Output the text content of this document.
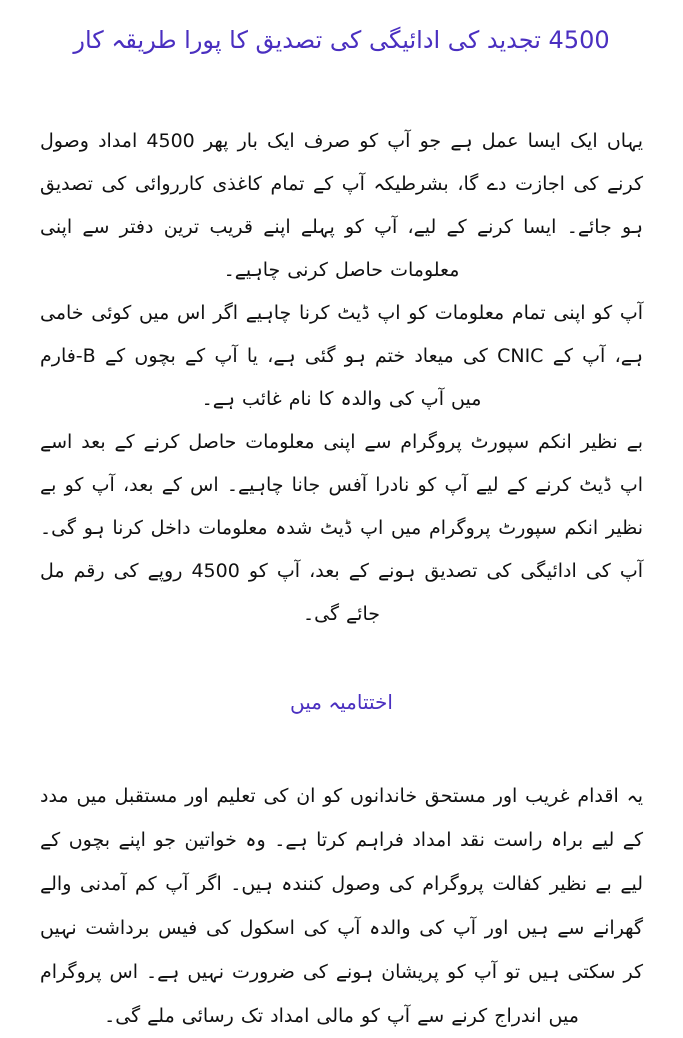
4500 تجدید کی ادائیگی کی تصدیق کا پورا طریقہ کار

یہاں ایک ایسا عمل ہے جو آپ کو صرف ایک بار پھر 4500 امداد وصول کرنے کی اجازت دے گا، بشرطیکہ آپ کے تمام کاغذی کارروائی کی تصدیق ہو جائے۔ ایسا کرنے کے لیے، آپ کو پہلے اپنے قریب ترین دفتر سے اپنی معلومات حاصل کرنی چاہیے۔

آپ کو اپنی تمام معلومات کو اپ ڈیٹ کرنا چاہیے اگر اس میں کوئی خامی ہے، آپ کے CNIC کی میعاد ختم ہو گئی ہے، یا آپ کے بچوں کے B-فارم میں آپ کی والدہ کا نام غائب ہے۔

بے نظیر انکم سپورٹ پروگرام سے اپنی معلومات حاصل کرنے کے بعد اسے اپ ڈیٹ کرنے کے لیے آپ کو نادرا آفس جانا چاہیے۔ اس کے بعد، آپ کو بے نظیر انکم سپورٹ پروگرام میں اپ ڈیٹ شدہ معلومات داخل کرنا ہو گی۔ آپ کی ادائیگی کی تصدیق ہونے کے بعد، آپ کو 4500 روپے کی رقم مل جائے گی۔

اختتامیہ میں

یہ اقدام غریب اور مستحق خاندانوں کو ان کی تعلیم اور مستقبل میں مدد کے لیے براہ راست نقد امداد فراہم کرتا ہے۔ وہ خواتین جو اپنے بچوں کے لیے بے نظیر کفالت پروگرام کی وصول کنندہ ہیں۔ اگر آپ کم آمدنی والے گھرانے سے ہیں اور آپ کی والدہ آپ کی اسکول کی فیس برداشت نہیں کر سکتی ہیں تو آپ کو پریشان ہونے کی ضرورت نہیں ہے۔ اس پروگرام میں اندراج کرنے سے آپ کو مالی امداد تک رسائی ملے گی۔
